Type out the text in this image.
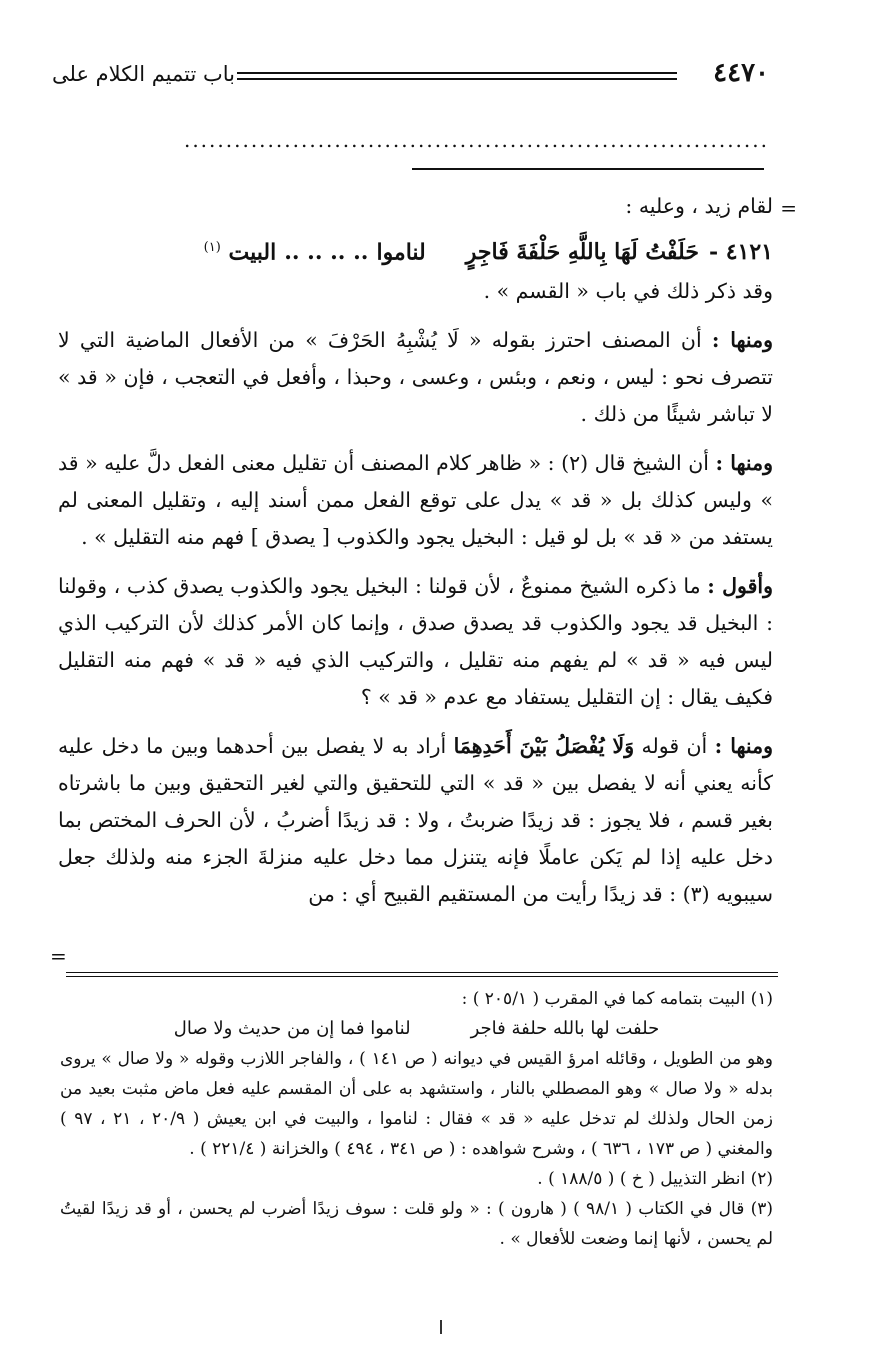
٤٤٧٠
باب تتميم الكلام على
......................................................................
=

لقام زيد ، وعليه :

٤١٢١ -حَلَفْتُ لَهَا بِاللَّهِ حَلْفَةَ فَاجِرٍلناموا.. .. .. ..البيت $^{(١)}$

وقد ذكر ذلك في باب « القسم » .

ومنها : أن المصنف احترز بقوله « لَا يُشْبِهُ الحَرْفَ » من الأفعال الماضية التي لا تتصرف نحو : ليس ، ونعم ، وبئس ، وعسى ، وحبذا ، وأفعل في التعجب ، فإن « قد » لا تباشر شيئًا من ذلك .

ومنها : أن الشيخ قال (٢) : « ظاهر كلام المصنف أن تقليل معنى الفعل دلَّ عليه « قد » وليس كذلك بل « قد » يدل على توقع الفعل ممن أسند إليه ، وتقليل المعنى لم يستفد من « قد » بل لو قيل : البخيل يجود والكذوب [ يصدق ] فهم منه التقليل » .

وأقول : ما ذكره الشيخ ممنوعٌ ، لأن قولنا : البخيل يجود والكذوب يصدق كذب ، وقولنا : البخيل قد يجود والكذوب قد يصدق صدق ، وإنما كان الأمر كذلك لأن التركيب الذي ليس فيه « قد » لم يفهم منه تقليل ، والتركيب الذي فيه « قد » فهم منه التقليل فكيف يقال : إن التقليل يستفاد مع عدم « قد » ؟

ومنها : أن قوله وَلَا يُفْصَلُ بَيْنَ أَحَدِهِمَا أراد به لا يفصل بين أحدهما وبين ما دخل عليه كأنه يعني أنه لا يفصل بين « قد » التي للتحقيق والتي لغير التحقيق وبين ما باشرتاه بغير قسم ، فلا يجوز : قد زيدًا ضربتُ ، ولا : قد زيدًا أضربُ ، لأن الحرف المختص بما دخل عليه إذا لم يَكن عاملًا فإنه يتنزل مما دخل عليه منزلةَ الجزء منه ولذلك جعل سيبويه (٣) : قد زيدًا رأيت من المستقيم القبيح أي : من

=

(١) البيت بتمامه كما في المقرب ( ٢٠٥/١ ) :

حلفت لها بالله حلفة فاجرلناموا فما إن من حديث ولا صال

وهو من الطويل ، وقائله امرؤ القيس في ديوانه ( ص ١٤١ ) ، والفاجر اللازب وقوله « ولا صال » يروى بدله « ولا صال » وهو المصطلي بالنار ، واستشهد به على أن المقسم عليه فعل ماض مثبت بعيد من زمن الحال ولذلك لم تدخل عليه « قد » فقال : لناموا ، والبيت في ابن يعيش ( ٢٠/٩ ، ٢١ ، ٩٧ ) والمغني ( ص ١٧٣ ، ٦٣٦ ) ، وشرح شواهده : ( ص ٣٤١ ، ٤٩٤ ) والخزانة ( ٢٢١/٤ ) .

(٢) انظر التذييل ( خ ) ( ١٨٨/٥ ) .

(٣) قال في الكتاب ( ٩٨/١ ) ( هارون ) : « ولو قلت : سوف زيدًا أضرب لم يحسن ، أو قد زيدًا لقيتُ لم يحسن ، لأنها إنما وضعت للأفعال » .
